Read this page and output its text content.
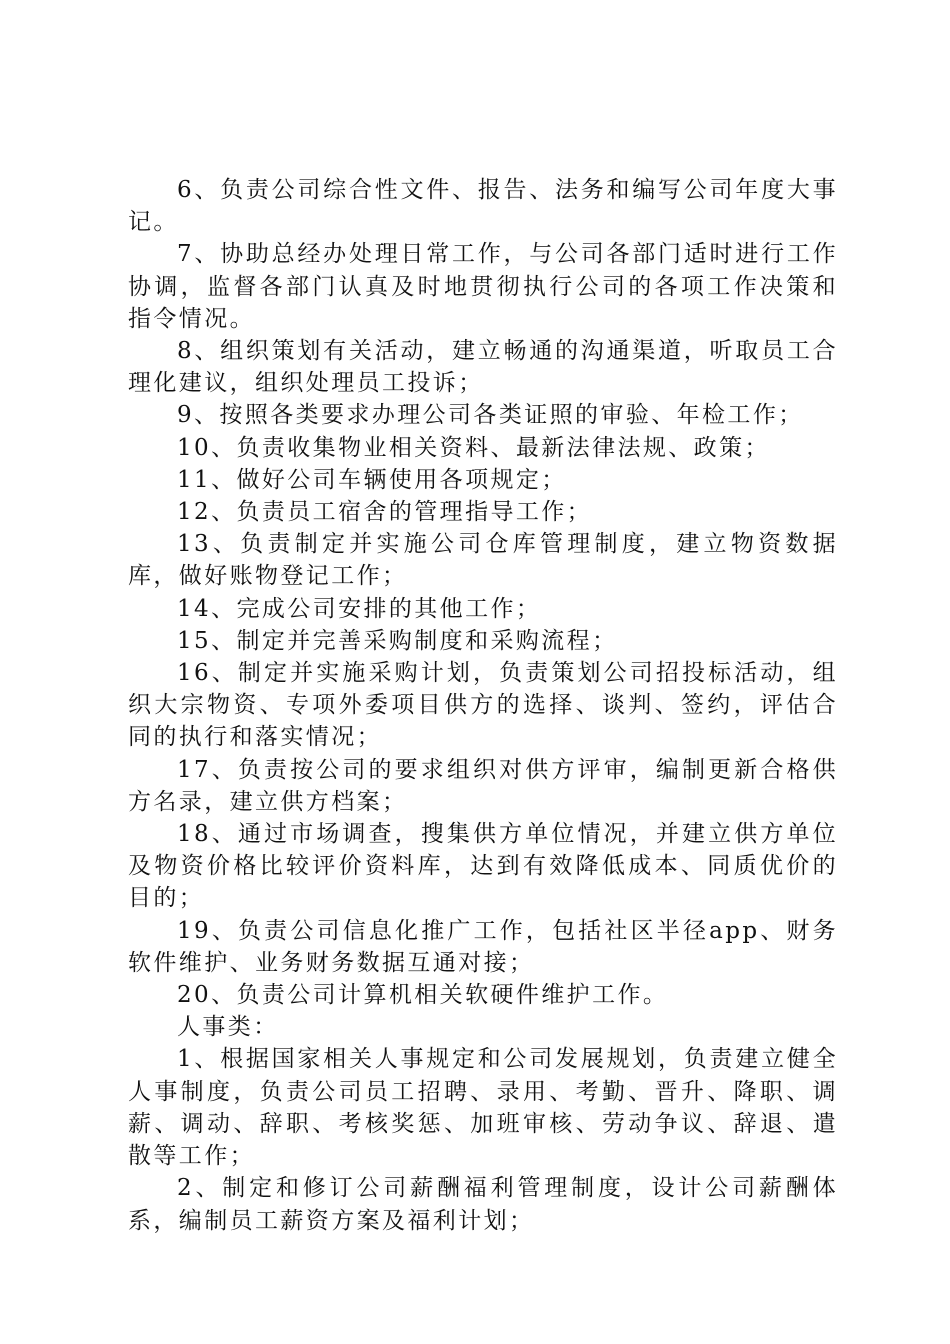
6、负责公司综合性文件、报告、法务和编写公司年度大事记。

7、协助总经办处理日常工作，与公司各部门适时进行工作协调，监督各部门认真及时地贯彻执行公司的各项工作决策和指令情况。

8、组织策划有关活动，建立畅通的沟通渠道，听取员工合理化建议，组织处理员工投诉；

9、按照各类要求办理公司各类证照的审验、年检工作；

10、负责收集物业相关资料、最新法律法规、政策；

11、做好公司车辆使用各项规定；

12、负责员工宿舍的管理指导工作；

13、负责制定并实施公司仓库管理制度，建立物资数据库，做好账物登记工作；

14、完成公司安排的其他工作；

15、制定并完善采购制度和采购流程；

16、制定并实施采购计划，负责策划公司招投标活动，组织大宗物资、专项外委项目供方的选择、谈判、签约，评估合同的执行和落实情况；

17、负责按公司的要求组织对供方评审，编制更新合格供方名录，建立供方档案；

18、通过市场调查，搜集供方单位情况，并建立供方单位及物资价格比较评价资料库，达到有效降低成本、同质优价的目的；

19、负责公司信息化推广工作，包括社区半径app、财务软件维护、业务财务数据互通对接；

20、负责公司计算机相关软硬件维护工作。

人事类：

1、根据国家相关人事规定和公司发展规划，负责建立健全人事制度，负责公司员工招聘、录用、考勤、晋升、降职、调薪、调动、辞职、考核奖惩、加班审核、劳动争议、辞退、遣散等工作；

2、制定和修订公司薪酬福利管理制度，设计公司薪酬体系，编制员工薪资方案及福利计划；
